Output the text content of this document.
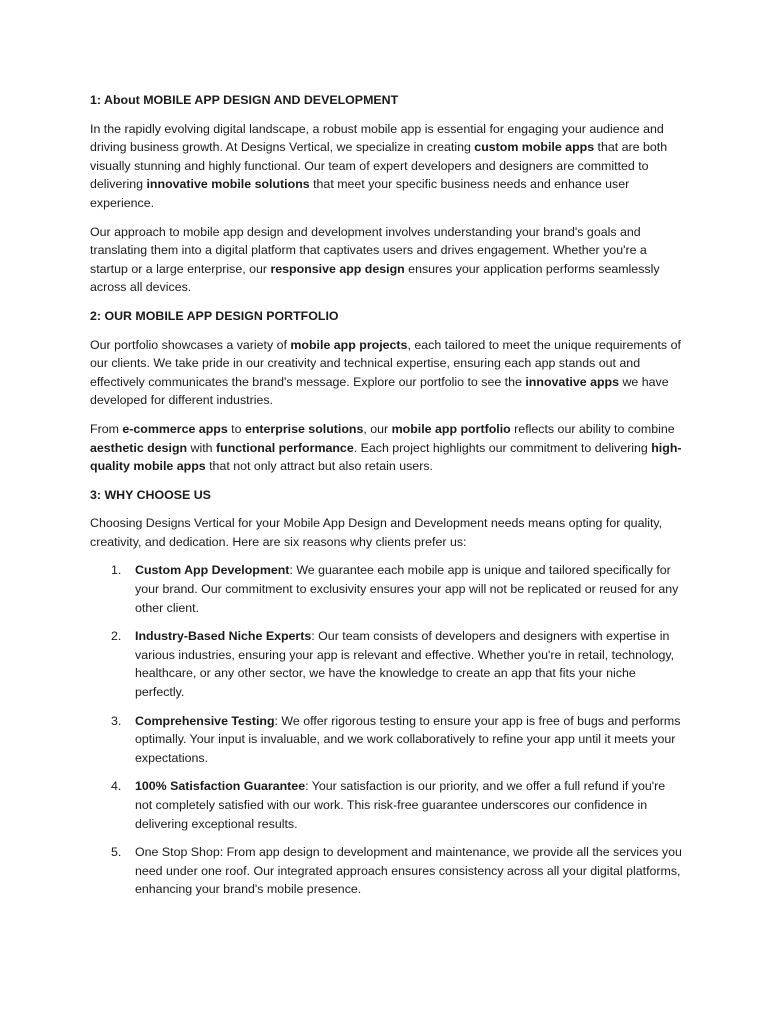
1: About MOBILE APP DESIGN AND DEVELOPMENT

In the rapidly evolving digital landscape, a robust mobile app is essential for engaging your audience and driving business growth. At Designs Vertical, we specialize in creating custom mobile apps that are both visually stunning and highly functional. Our team of expert developers and designers are committed to delivering innovative mobile solutions that meet your specific business needs and enhance user experience.

Our approach to mobile app design and development involves understanding your brand's goals and translating them into a digital platform that captivates users and drives engagement. Whether you're a startup or a large enterprise, our responsive app design ensures your application performs seamlessly across all devices.

2: OUR MOBILE APP DESIGN PORTFOLIO

Our portfolio showcases a variety of mobile app projects, each tailored to meet the unique requirements of our clients. We take pride in our creativity and technical expertise, ensuring each app stands out and effectively communicates the brand's message. Explore our portfolio to see the innovative apps we have developed for different industries.

From e-commerce apps to enterprise solutions, our mobile app portfolio reflects our ability to combine aesthetic design with functional performance. Each project highlights our commitment to delivering high-quality mobile apps that not only attract but also retain users.

3: WHY CHOOSE US

Choosing Designs Vertical for your Mobile App Design and Development needs means opting for quality, creativity, and dedication. Here are six reasons why clients prefer us:

1. Custom App Development: We guarantee each mobile app is unique and tailored specifically for your brand. Our commitment to exclusivity ensures your app will not be replicated or reused for any other client.
2. Industry-Based Niche Experts: Our team consists of developers and designers with expertise in various industries, ensuring your app is relevant and effective. Whether you're in retail, technology, healthcare, or any other sector, we have the knowledge to create an app that fits your niche perfectly.
3. Comprehensive Testing: We offer rigorous testing to ensure your app is free of bugs and performs optimally. Your input is invaluable, and we work collaboratively to refine your app until it meets your expectations.
4. 100% Satisfaction Guarantee: Your satisfaction is our priority, and we offer a full refund if you're not completely satisfied with our work. This risk-free guarantee underscores our confidence in delivering exceptional results.
5. One Stop Shop: From app design to development and maintenance, we provide all the services you need under one roof. Our integrated approach ensures consistency across all your digital platforms, enhancing your brand's mobile presence.
